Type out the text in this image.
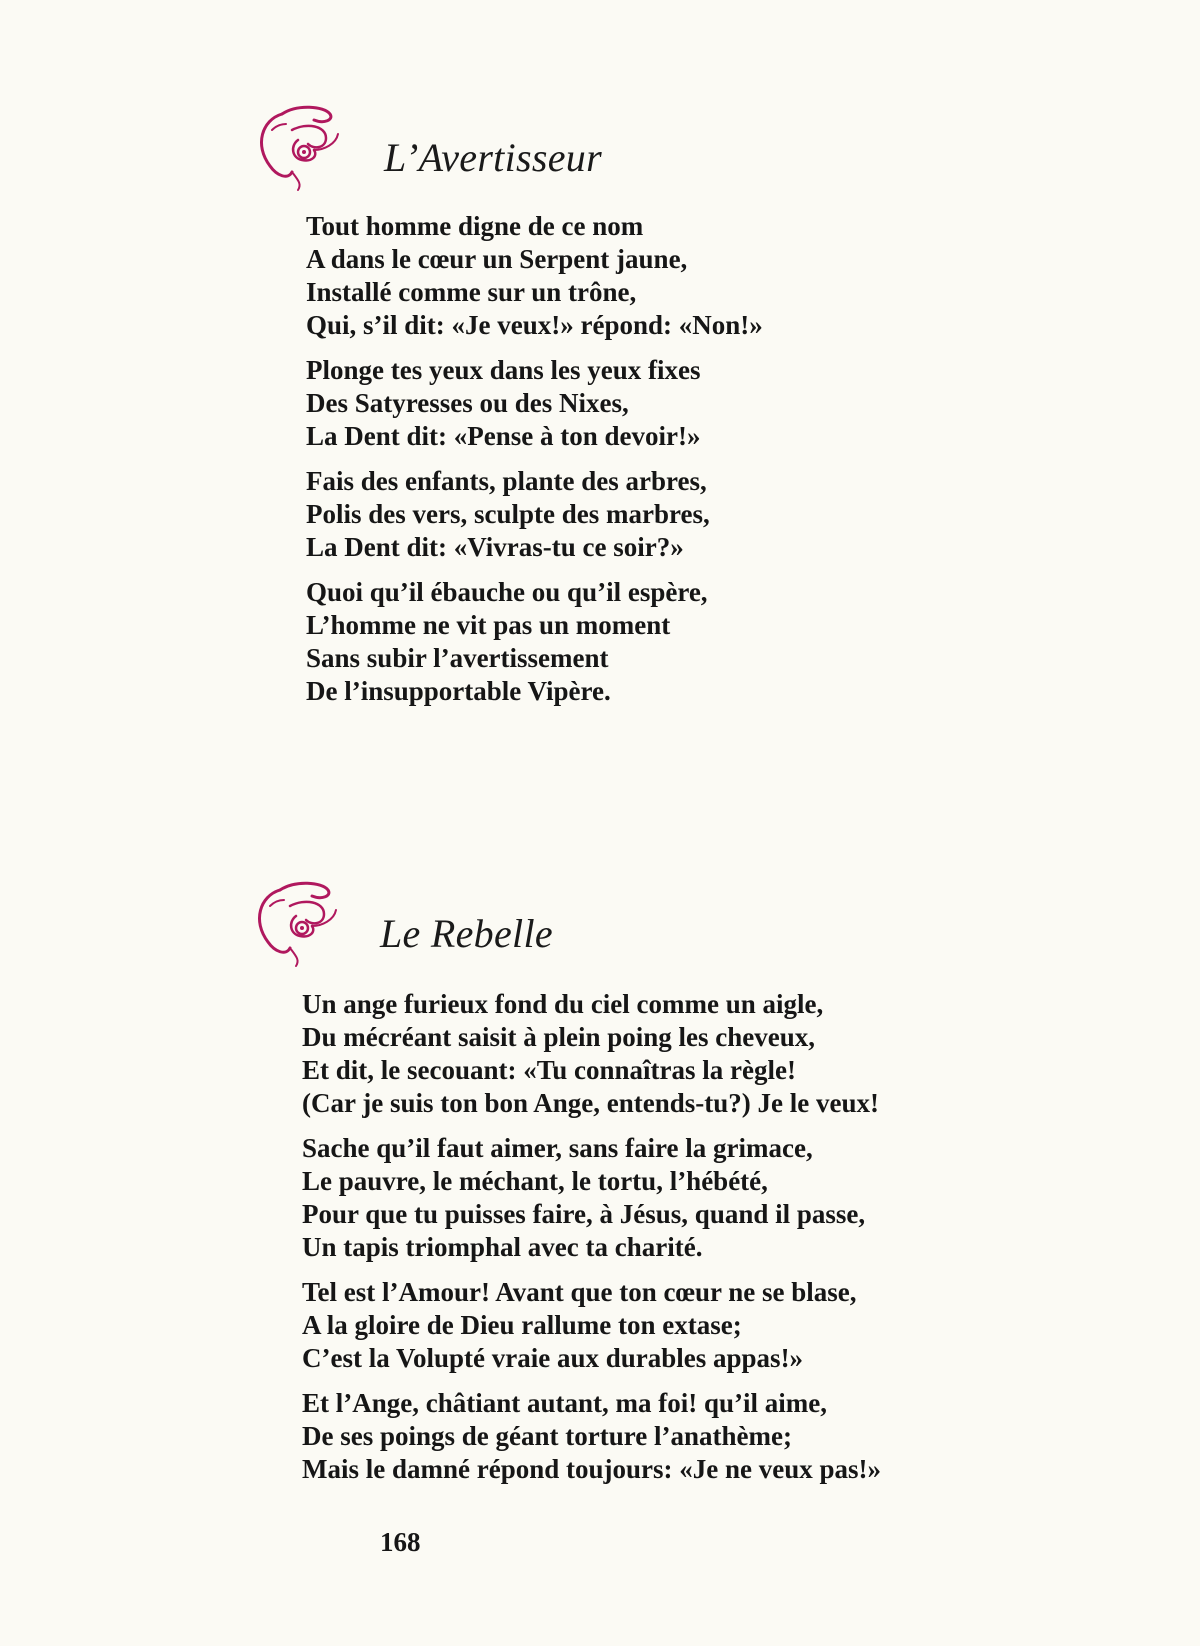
L’Avertisseur
Tout homme digne de ce nom
A dans le cœur un Serpent jaune,
Installé comme sur un trône,
Qui, s’il dit: «Je veux!» répond: «Non!»
Plonge tes yeux dans les yeux fixes
Des Satyresses ou des Nixes,
La Dent dit: «Pense à ton devoir!»
Fais des enfants, plante des arbres,
Polis des vers, sculpte des marbres,
La Dent dit: «Vivras-tu ce soir?»
Quoi qu’il ébauche ou qu’il espère,
L’homme ne vit pas un moment
Sans subir l’avertissement
De l’insupportable Vipère.
Le Rebelle
Un ange furieux fond du ciel comme un aigle,
Du mécréant saisit à plein poing les cheveux,
Et dit, le secouant: «Tu connaîtras la règle!
(Car je suis ton bon Ange, entends-tu?) Je le veux!
Sache qu’il faut aimer, sans faire la grimace,
Le pauvre, le méchant, le tortu, l’hébété,
Pour que tu puisses faire, à Jésus, quand il passe,
Un tapis triomphal avec ta charité.
Tel est l’Amour! Avant que ton cœur ne se blase,
A la gloire de Dieu rallume ton extase;
C’est la Volupté vraie aux durables appas!»
Et l’Ange, châtiant autant, ma foi! qu’il aime,
De ses poings de géant torture l’anathème;
Mais le damné répond toujours: «Je ne veux pas!»
168
